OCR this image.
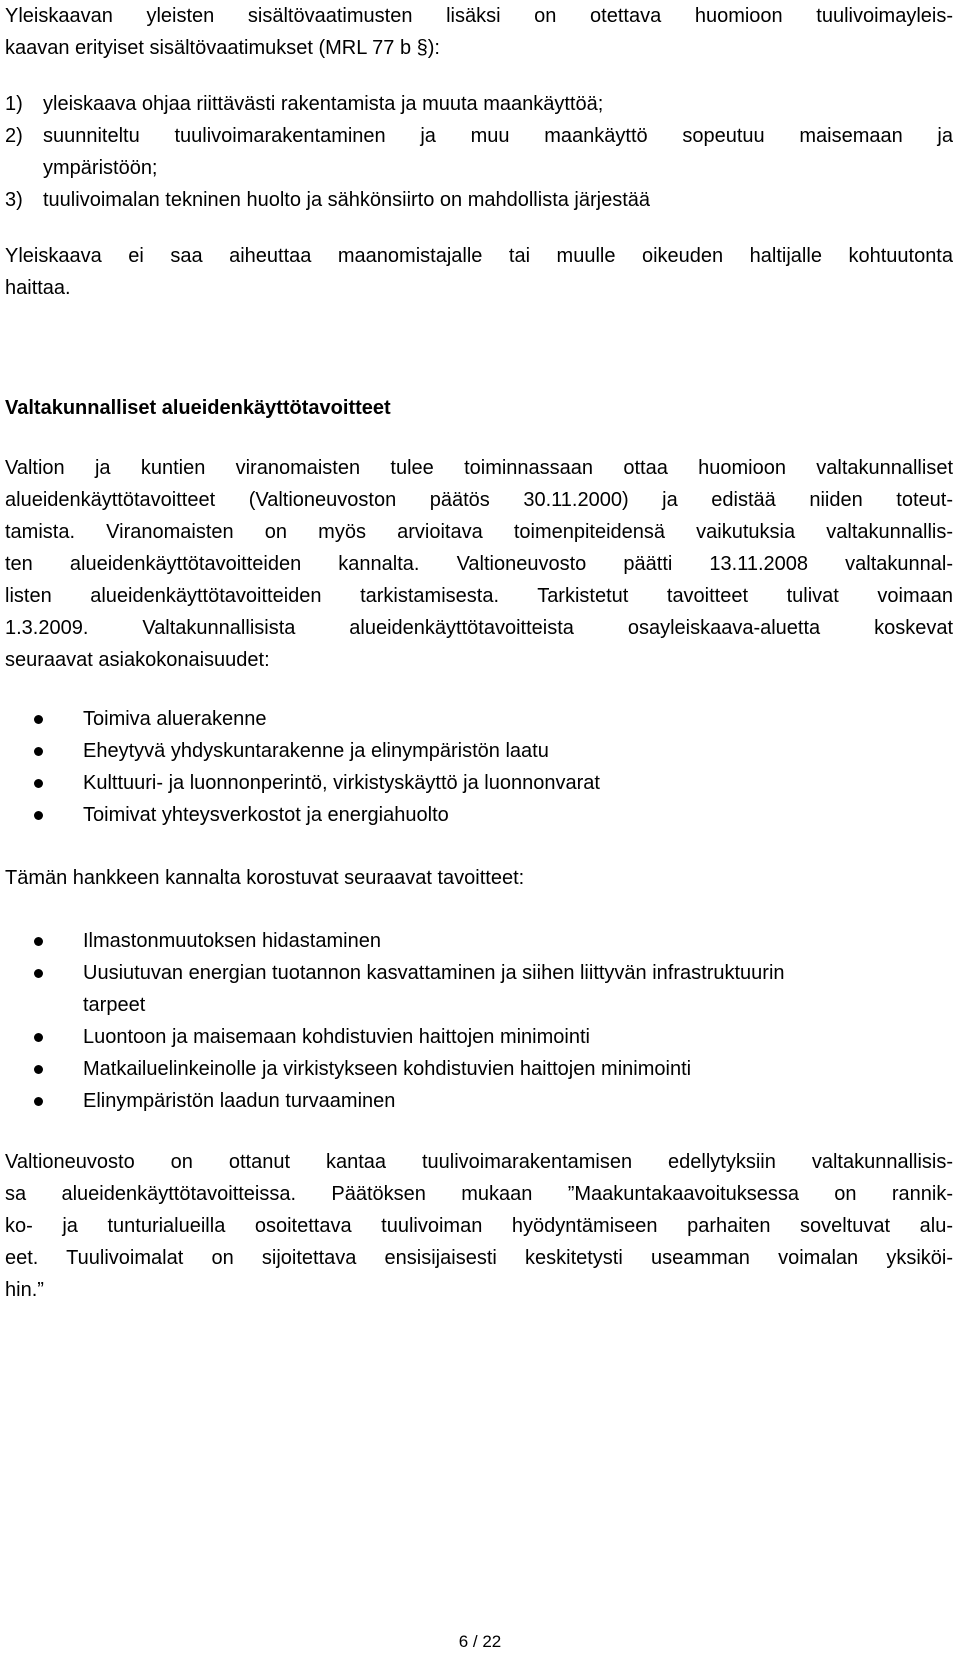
Yleiskaavan yleisten sisältövaatimusten lisäksi on otettava huomioon tuulivoimayleis-
kaavan erityiset sisältövaatimukset (MRL 77 b §):
1) yleiskaava ohjaa riittävästi rakentamista ja muuta maankäyttöä;
2) suunniteltu tuulivoimarakentaminen ja muu maankäyttö sopeutuu maisemaan ja
ympäristöön;
3) tuulivoimalan tekninen huolto ja sähkönsiirto on mahdollista järjestää
Yleiskaava ei saa aiheuttaa maanomistajalle tai muulle oikeuden haltijalle kohtuutonta
haittaa.
Valtakunnalliset alueidenkäyttötavoitteet
Valtion ja kuntien viranomaisten tulee toiminnassaan ottaa huomioon valtakunnalliset
alueidenkäyttötavoitteet (Valtioneuvoston päätös 30.11.2000) ja edistää niiden toteut-
tamista. Viranomaisten on myös arvioitava toimenpiteidensä vaikutuksia valtakunnallis-
ten alueidenkäyttötavoitteiden kannalta. Valtioneuvosto päätti 13.11.2008 valtakunnal-
listen alueidenkäyttötavoitteiden tarkistamisesta. Tarkistetut tavoitteet tulivat voimaan
1.3.2009. Valtakunnallisista alueidenkäyttötavoitteista osayleiskaava-aluetta koskevat
seuraavat asiakokonaisuudet:
Toimiva aluerakenne
Eheytyvä yhdyskuntarakenne ja elinympäristön laatu
Kulttuuri- ja luonnonperintö, virkistyskäyttö ja luonnonvarat
Toimivat yhteysverkostot ja energiahuolto
Tämän hankkeen kannalta korostuvat seuraavat tavoitteet:
Ilmastonmuutoksen hidastaminen
Uusiutuvan energian tuotannon kasvattaminen ja siihen liittyvän infrastruktuurin
tarpeet
Luontoon ja maisemaan kohdistuvien haittojen minimointi
Matkailuelinkeinolle ja virkistykseen kohdistuvien haittojen minimointi
Elinympäristön laadun turvaaminen
Valtioneuvosto on ottanut kantaa tuulivoimarakentamisen edellytyksiin valtakunnallisis-
sa alueidenkäyttötavoitteissa. Päätöksen mukaan ”Maakuntakaavoituksessa on rannik-
ko- ja tunturialueilla osoitettava tuulivoiman hyödyntämiseen parhaiten soveltuvat alu-
eet. Tuulivoimalat on sijoitettava ensisijaisesti keskitetysti useamman voimalan yksiköi-
hin.”
6 / 22
